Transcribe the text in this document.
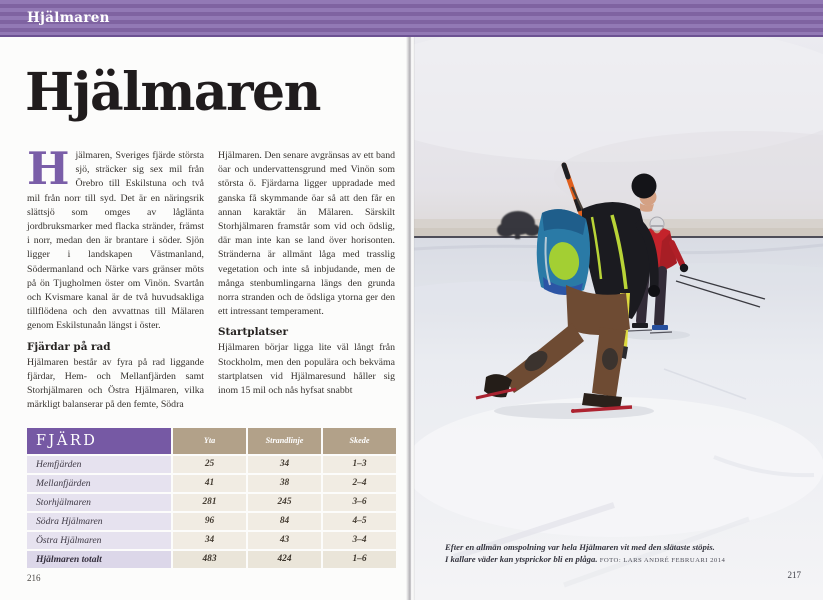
Hjälmaren
Hjälmaren

Hjälmaren, Sveriges fjärde största sjö, sträcker sig sex mil från Örebro till Eskilstuna och två mil från norr till syd. Det är en näringsrik slättsjö som omges av låglänta jordbruksmarker med flacka stränder, främst i norr, medan den är brantare i söder. Sjön ligger i landskapen Västmanland, Södermanland och Närke vars gränser möts på ön Tjugholmen öster om Vinön. Svartån och Kvismare kanal är de två huvudsakliga tillflödena och den avvattnas till Mälaren genom Eskilstunaån längst i öster.

Fjärdar på rad

Hjälmaren består av fyra på rad liggande fjärdar, Hem- och Mellanfjärden samt Storhjälmaren och Östra Hjälmaren, vilka märkligt balanserar på den femte, Södra

Hjälmaren. Den senare avgränsas av ett band öar och undervattensgrund med Vinön som största ö. Fjärdarna ligger uppradade med ganska få skymmande öar så att den får en annan karaktär än Mälaren. Särskilt Storhjälmaren framstår som vid och ödslig, där man inte kan se land över horisonten. Stränderna är allmänt låga med trasslig vegetation och inte så inbjudande, men de många stenbumlingarna längs den grunda norra stranden och de ödsliga ytorna ger den ett intressant temperament.

Startplatser

Hjälmaren börjar ligga lite väl långt från Stockholm, men den populära och bekväma startplatsen vid Hjälmaresund håller sig inom 15 mil och nås hyfsat snabbt

FJÄRD	Yta	Strandlinje	Skede
Hemfjärden	25	34	1–3
Mellanfjärden	41	38	2–4
Storhjälmaren	281	245	3–6
Södra Hjälmaren	96	84	4–5
Östra Hjälmaren	34	43	3–4
Hjälmaren totalt	483	424	1–6
216
Efter en allmän omspolning var hela Hjälmaren vit med den slätaste stöpis.
I kallare väder kan ytsprickor bli en plåga. FOTO: LARS ANDRÉ FEBRUARI 2014
217
